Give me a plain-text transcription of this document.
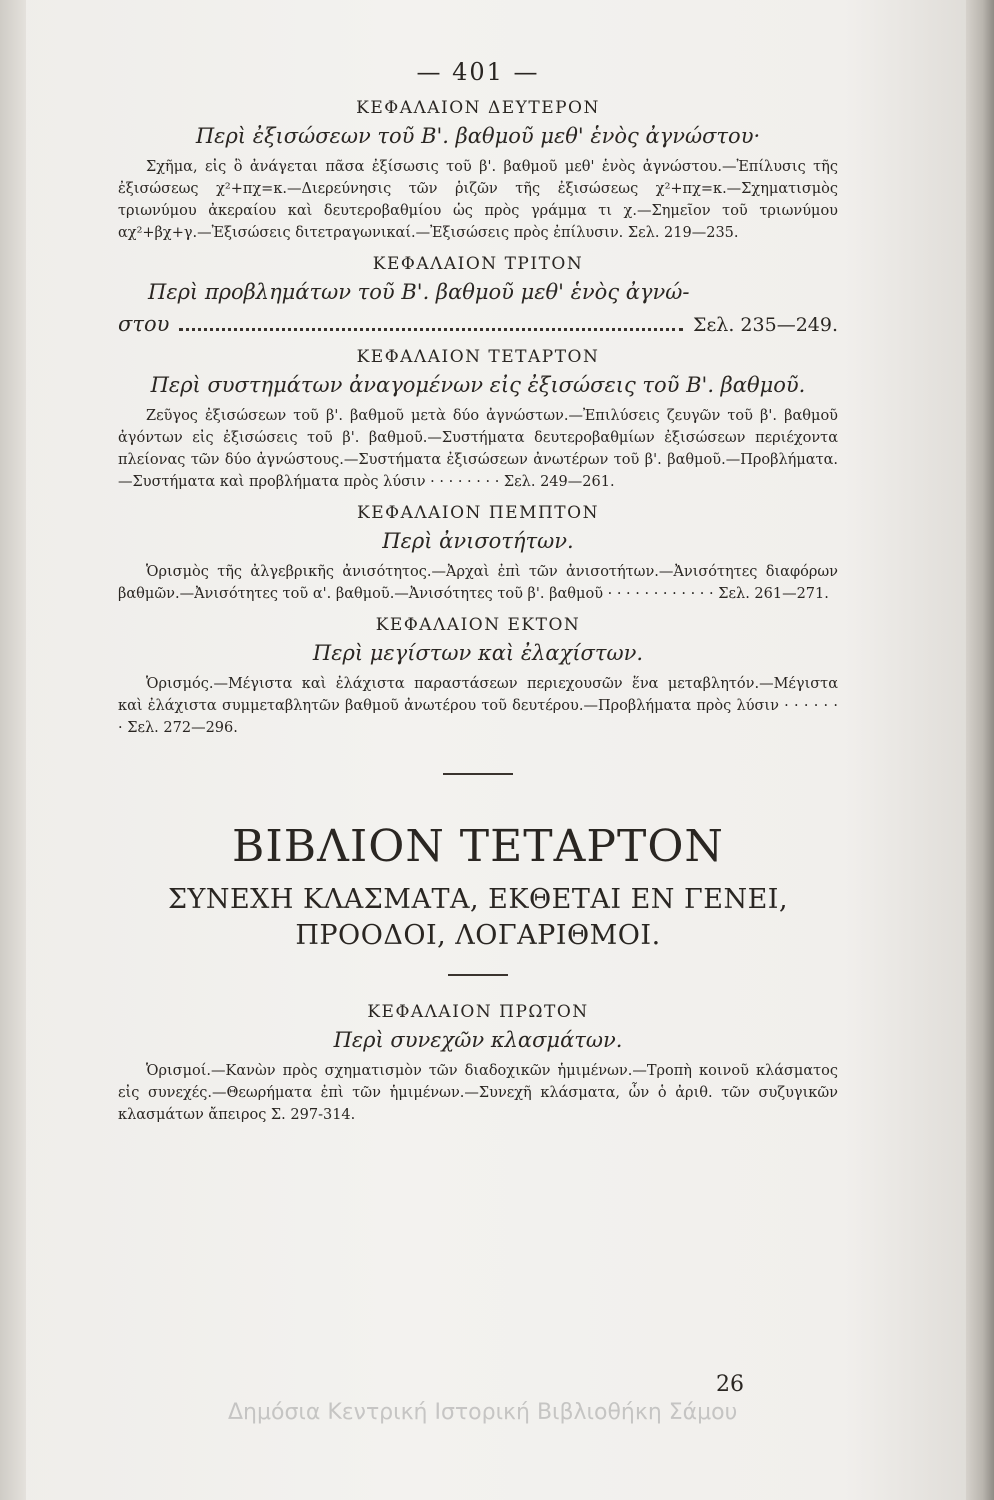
— 401 —
ΚΕΦΑΛΑΙΟΝ ΔΕΥΤΕΡΟΝ
Περὶ ἐξισώσεων τοῦ Β'. βαθμοῦ μεθ' ἑνὸς ἀγνώστου·

Σχῆμα, εἰς ὃ ἀνάγεται πᾶσα ἐξίσωσις τοῦ β'. βαθμοῦ μεθ' ἑνὸς ἀγνώστου.—Ἐπίλυσις τῆς ἐξισώσεως χ²+πχ=κ.—Διερεύνησις τῶν ῥιζῶν τῆς ἐξισώσεως χ²+πχ=κ.—Σχηματισμὸς τριωνύμου ἀκεραίου καὶ δευτεροβαθμίου ὡς πρὸς γράμμα τι χ.—Σημεῖον τοῦ τριωνύμου αχ²+βχ+γ.—Ἐξισώσεις διτετραγωνικαί.—Ἐξισώσεις πρὸς ἐπίλυσιν. Σελ. 219—235.

ΚΕΦΑΛΑΙΟΝ ΤΡΙΤΟΝ
Περὶ προβλημάτων τοῦ Β'. βαθμοῦ μεθ' ἑνὸς ἀγνώ-
στου	Σελ. 235—249.
ΚΕΦΑΛΑΙΟΝ ΤΕΤΑΡΤΟΝ
Περὶ συστημάτων ἀναγομένων εἰς ἐξισώσεις τοῦ Β'. βαθμοῦ.

Ζεῦγος ἐξισώσεων τοῦ β'. βαθμοῦ μετὰ δύο ἀγνώστων.—Ἐπιλύσεις ζευγῶν τοῦ β'. βαθμοῦ ἀγόντων εἰς ἐξισώσεις τοῦ β'. βαθμοῦ.—Συστήματα δευτεροβαθμίων ἐξισώσεων περιέχοντα πλείονας τῶν δύο ἀγνώστους.—Συστήματα ἐξισώσεων ἀνωτέρων τοῦ β'. βαθμοῦ.—Προβλήματα.—Συστήματα καὶ προβλήματα πρὸς λύσιν · · · · · · · · Σελ. 249—261.

ΚΕΦΑΛΑΙΟΝ ΠΕΜΠΤΟΝ
Περὶ ἀνισοτήτων.

Ὁρισμὸς τῆς ἀλγεβρικῆς ἀνισότητος.—Ἀρχαὶ ἐπὶ τῶν ἀνισοτήτων.—Ἀνισότητες διαφόρων βαθμῶν.—Ἀνισότητες τοῦ α'. βαθμοῦ.—Ἀνισότητες τοῦ β'. βαθμοῦ · · · · · · · · · · · · Σελ. 261—271.

ΚΕΦΑΛΑΙΟΝ ΕΚΤΟΝ
Περὶ μεγίστων καὶ ἐλαχίστων.

Ὁρισμός.—Μέγιστα καὶ ἐλάχιστα παραστάσεων περιεχουσῶν ἕνα μεταβλητόν.—Μέγιστα καὶ ἐλάχιστα συμμεταβλητῶν βαθμοῦ ἀνωτέρου τοῦ δευτέρου.—Προβλήματα πρὸς λύσιν · · · · · · · Σελ. 272—296.

ΒΙΒΛΙΟΝ ΤΕΤΑΡΤΟΝ

ΣΥΝΕΧΗ ΚΛΑΣΜΑΤΑ, ΕΚΘΕΤΑΙ ΕΝ ΓΕΝΕΙ,

ΠΡΟΟΔΟΙ, ΛΟΓΑΡΙΘΜΟΙ.

ΚΕΦΑΛΑΙΟΝ ΠΡΩΤΟΝ
Περὶ συνεχῶν κλασμάτων.

Ὁρισμοί.—Κανὼν πρὸς σχηματισμὸν τῶν διαδοχικῶν ἡμιμένων.—Τροπὴ κοινοῦ κλάσματος εἰς συνεχές.—Θεωρήματα ἐπὶ τῶν ἡμιμένων.—Συνεχῆ κλάσματα, ὧν ὁ ἀριθ. τῶν συζυγικῶν κλασμάτων ἄπειρος Σ. 297-314.

26
Δημόσια Κεντρική Ιστορική Βιβλιοθήκη Σάμου
